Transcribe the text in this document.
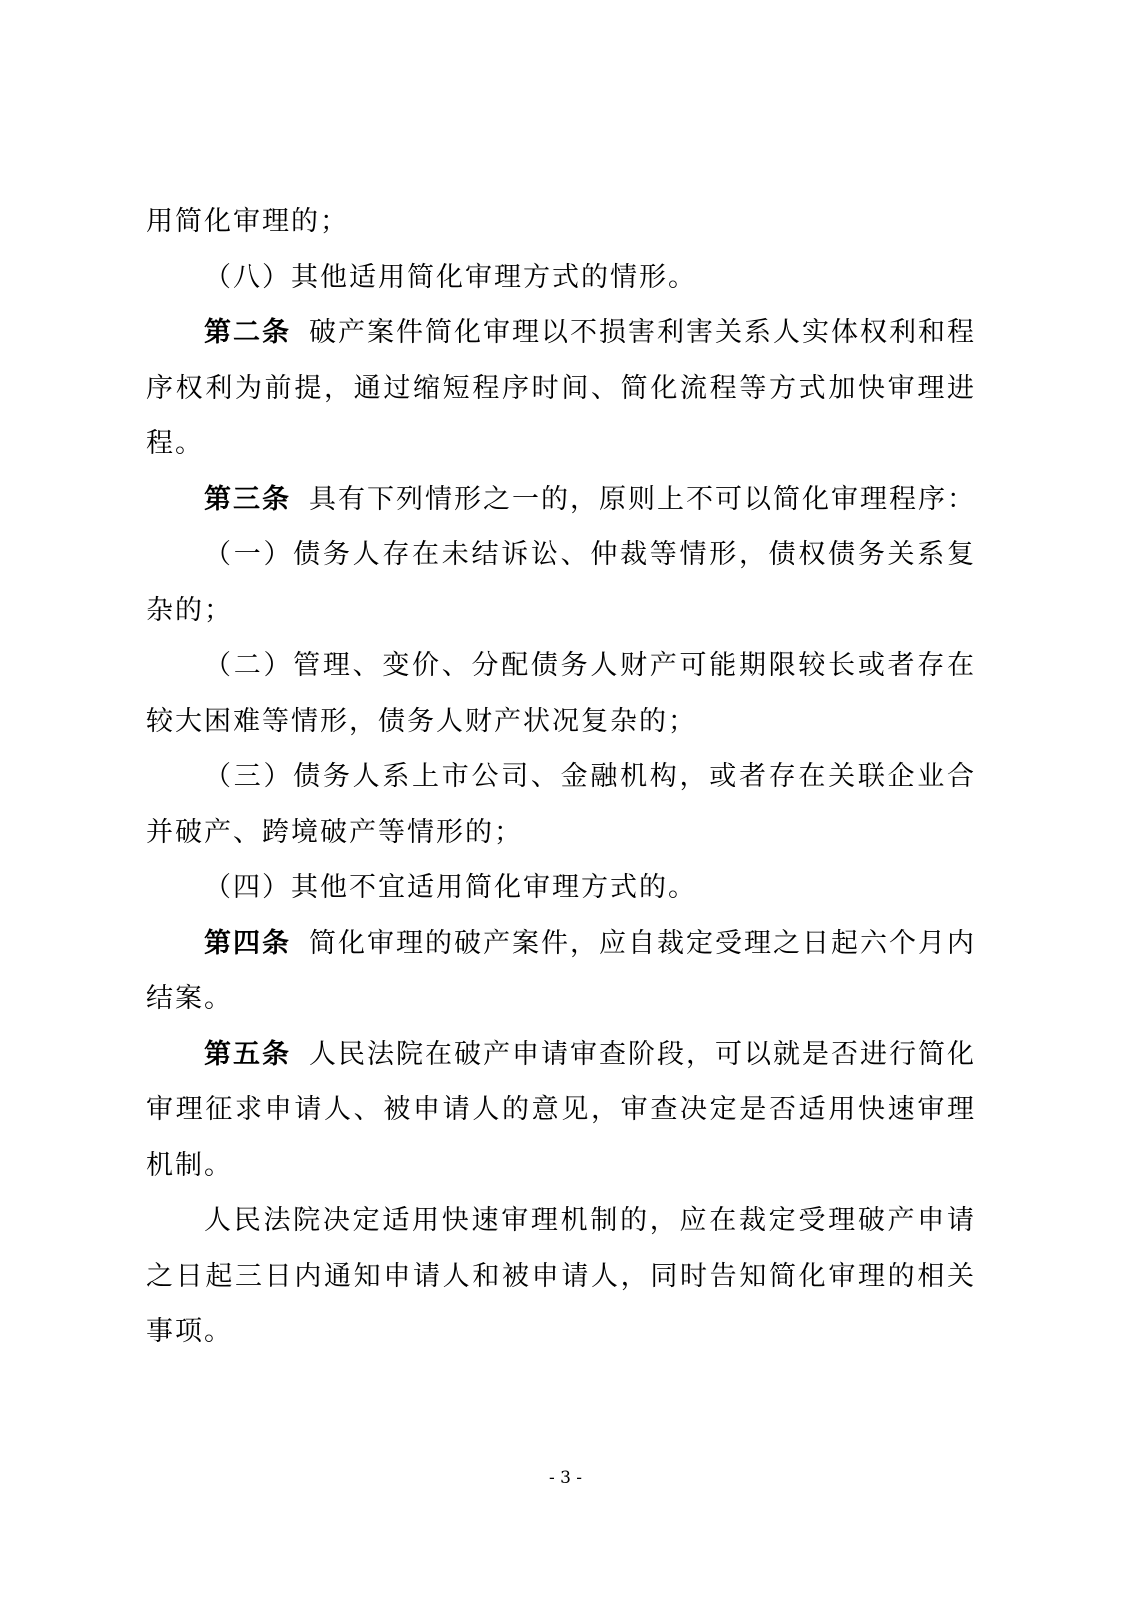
用简化审理的；

（八）其他适用简化审理方式的情形。

第二条 破产案件简化审理以不损害利害关系人实体权利和程序权利为前提，通过缩短程序时间、简化流程等方式加快审理进程。

第三条 具有下列情形之一的，原则上不可以简化审理程序：

（一）债务人存在未结诉讼、仲裁等情形，债权债务关系复杂的；

（二）管理、变价、分配债务人财产可能期限较长或者存在较大困难等情形，债务人财产状况复杂的；

（三）债务人系上市公司、金融机构，或者存在关联企业合并破产、跨境破产等情形的；

（四）其他不宜适用简化审理方式的。

第四条 简化审理的破产案件，应自裁定受理之日起六个月内结案。

第五条 人民法院在破产申请审查阶段，可以就是否进行简化审理征求申请人、被申请人的意见，审查决定是否适用快速审理机制。

人民法院决定适用快速审理机制的，应在裁定受理破产申请之日起三日内通知申请人和被申请人，同时告知简化审理的相关事项。

- 3 -
